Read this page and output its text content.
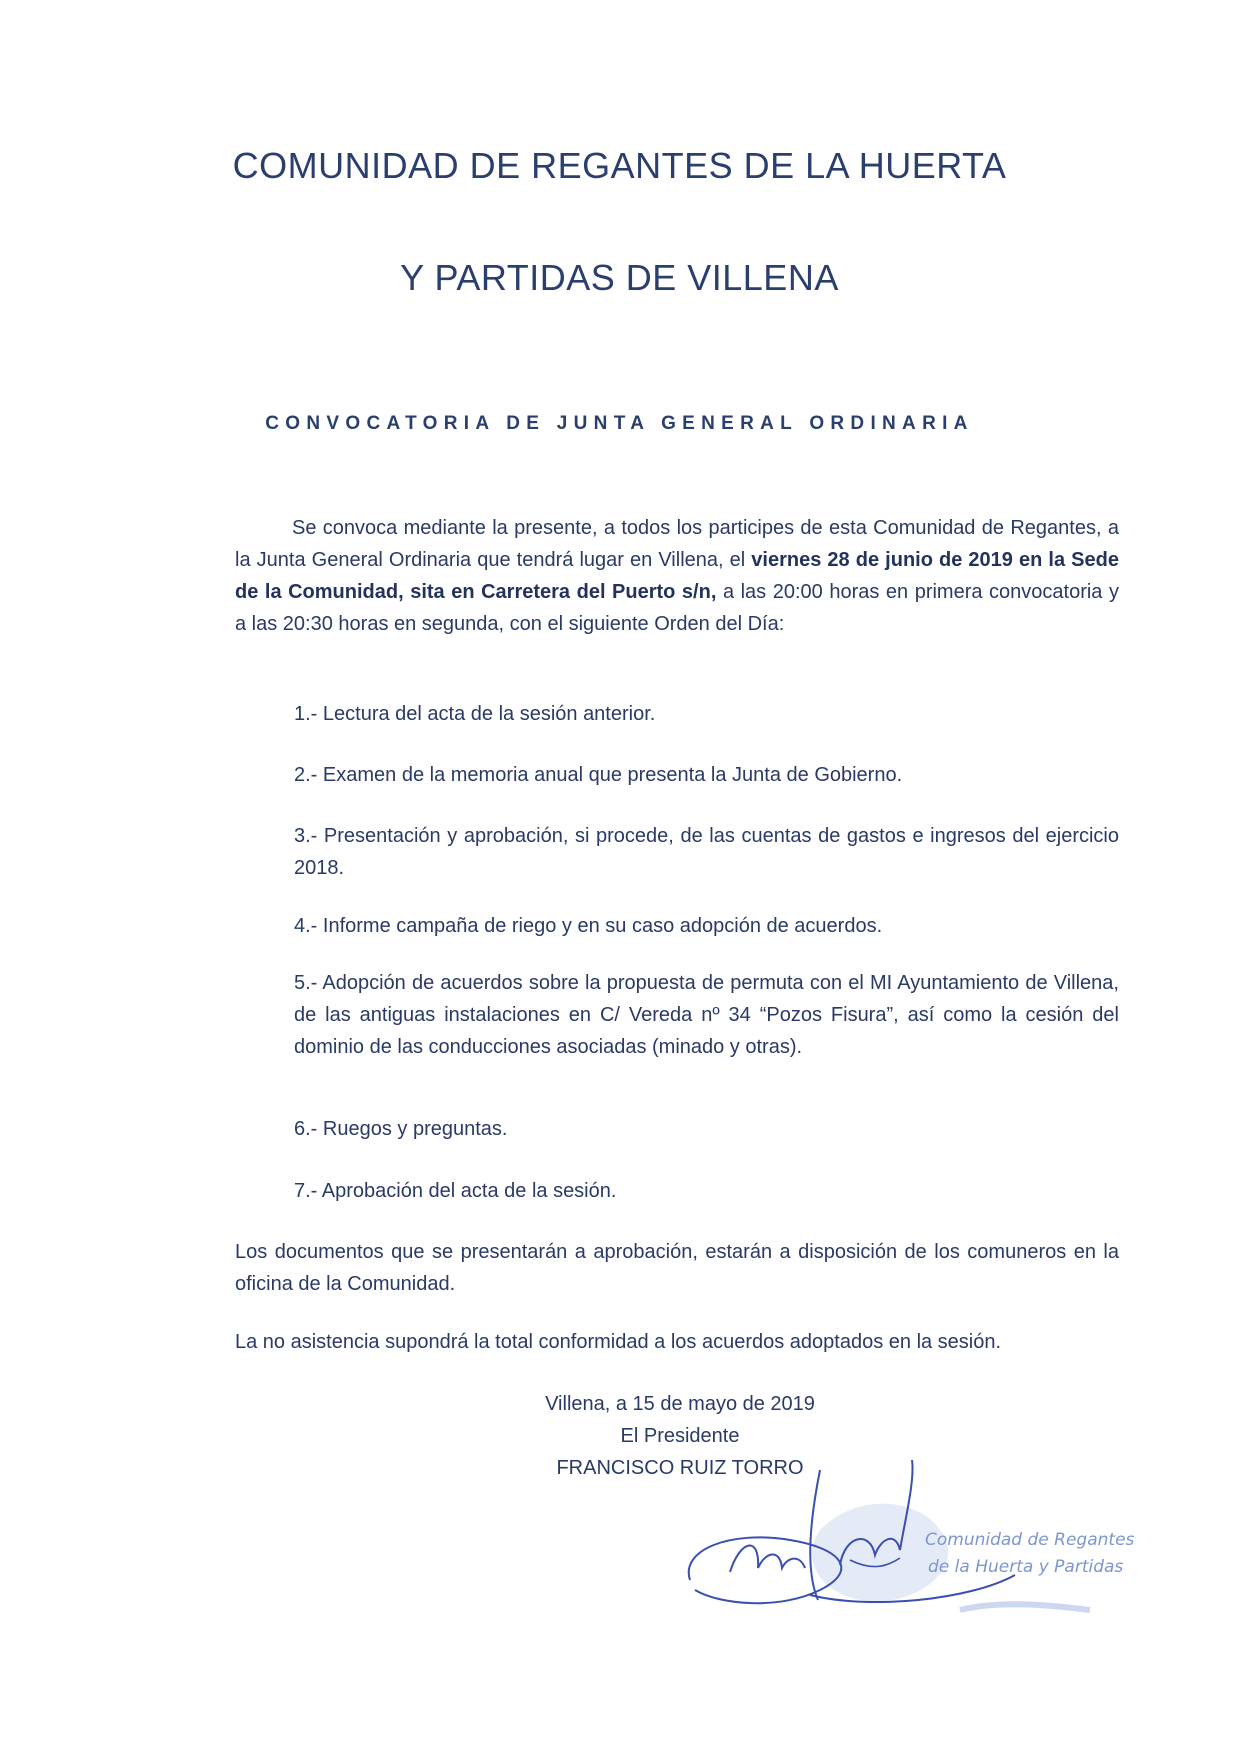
COMUNIDAD DE REGANTES DE LA HUERTA
Y PARTIDAS DE VILLENA
CONVOCATORIA DE JUNTA GENERAL ORDINARIA

Se convoca mediante la presente, a todos los participes de esta Comunidad de Regantes, a la Junta General Ordinaria que tendrá lugar en Villena, el viernes 28 de junio de 2019 en la Sede de la Comunidad, sita en Carretera del Puerto s/n, a las 20:00 horas en primera convocatoria y a las 20:30 horas en segunda, con el siguiente Orden del Día:

1.- Lectura del acta de la sesión anterior.

2.- Examen de la memoria anual que presenta la Junta de Gobierno.

3.- Presentación y aprobación, si procede, de las cuentas de gastos e ingresos del ejercicio 2018.

4.- Informe campaña de riego y en su caso adopción de acuerdos.

5.- Adopción de acuerdos sobre la propuesta de permuta con el MI Ayuntamiento de Villena, de las antiguas instalaciones en C/ Vereda nº 34 “Pozos Fisura”, así como la cesión del dominio de las conducciones asociadas (minado y otras).

6.- Ruegos y preguntas.

7.- Aprobación del acta de la sesión.

Los documentos que se presentarán a aprobación, estarán a disposición de los comuneros en la oficina de la Comunidad.

La no asistencia supondrá la total conformidad a los acuerdos adoptados en la sesión.

Villena, a 15 de mayo de 2019
El Presidente
FRANCISCO RUIZ TORRO
Comunidad de Regantes
de la Huerta y Partidas
